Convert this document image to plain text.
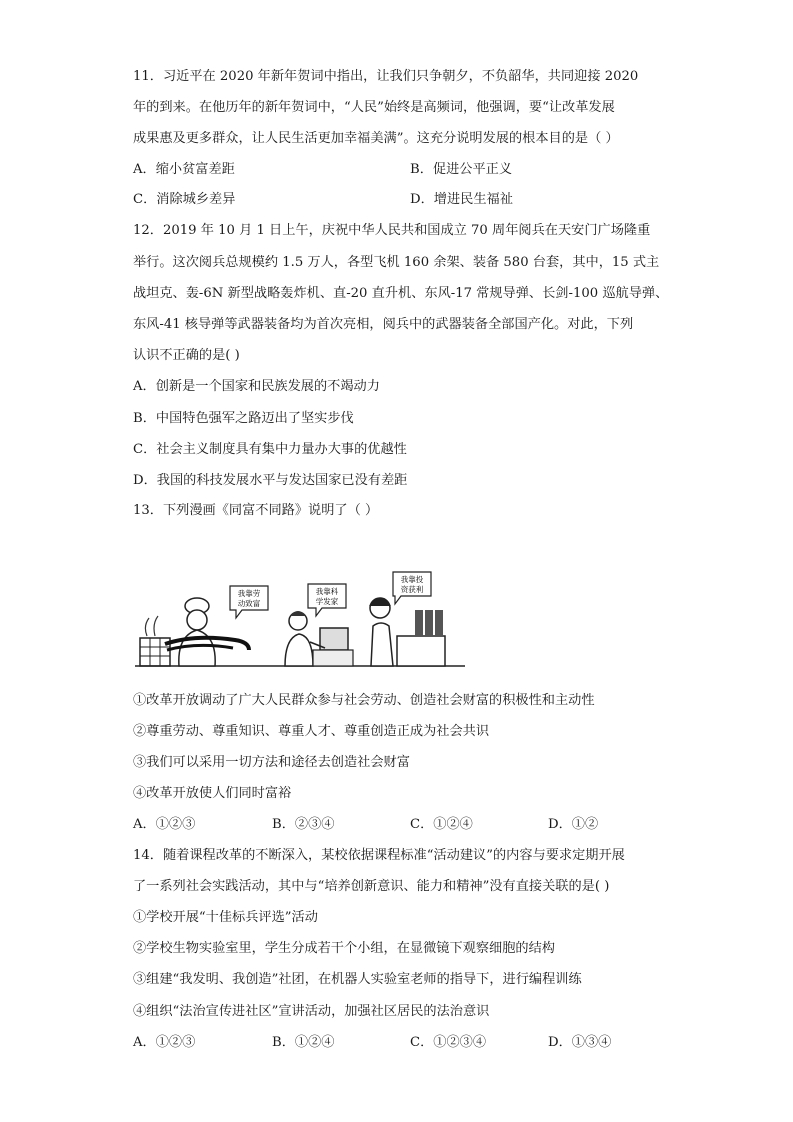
11．习近平在 2020 年新年贺词中指出，让我们只争朝夕，不负韶华，共同迎接 2020
年的到来。在他历年的新年贺词中，“人民”始终是高频词，他强调，要“让改革发展
成果惠及更多群众，让人民生活更加幸福美满”。这充分说明发展的根本目的是（ ）
A．缩小贫富差距	B．促进公平正义
C．消除城乡差异	D．增进民生福祉
12．2019 年 10 月 1 日上午，庆祝中华人民共和国成立 70 周年阅兵在天安门广场隆重
举行。这次阅兵总规模约 1.5 万人，各型飞机 160 余架、装备 580 台套，其中，15 式主
战坦克、轰-6N 新型战略轰炸机、直-20 直升机、东风-17 常规导弹、长剑-100 巡航导弹、
东风-41 核导弹等武器装备均为首次亮相，阅兵中的武器装备全部国产化。对此，下列
认识不正确的是( )
A．创新是一个国家和民族发展的不竭动力
B．中国特色强军之路迈出了坚实步伐
C．社会主义制度具有集中力量办大事的优越性
D．我国的科技发展水平与发达国家已没有差距
13．下列漫画《同富不同路》说明了（ ）
我靠劳
动致富
我靠科
学发家
我靠投
资获利
①改革开放调动了广大人民群众参与社会劳动、创造社会财富的积极性和主动性
②尊重劳动、尊重知识、尊重人才、尊重创造正成为社会共识
③我们可以采用一切方法和途径去创造社会财富
④改革开放使人们同时富裕
A．①②③	B．②③④	C．①②④	D．①②
14．随着课程改革的不断深入，某校依据课程标准“活动建议”的内容与要求定期开展
了一系列社会实践活动，其中与“培养创新意识、能力和精神”没有直接关联的是( )
①学校开展“十佳标兵评选”活动
②学校生物实验室里，学生分成若干个小组，在显微镜下观察细胞的结构
③组建“我发明、我创造”社团，在机器人实验室老师的指导下，进行编程训练
④组织“法治宣传进社区”宣讲活动，加强社区居民的法治意识
A．①②③	B．①②④	C．①②③④	D．①③④
